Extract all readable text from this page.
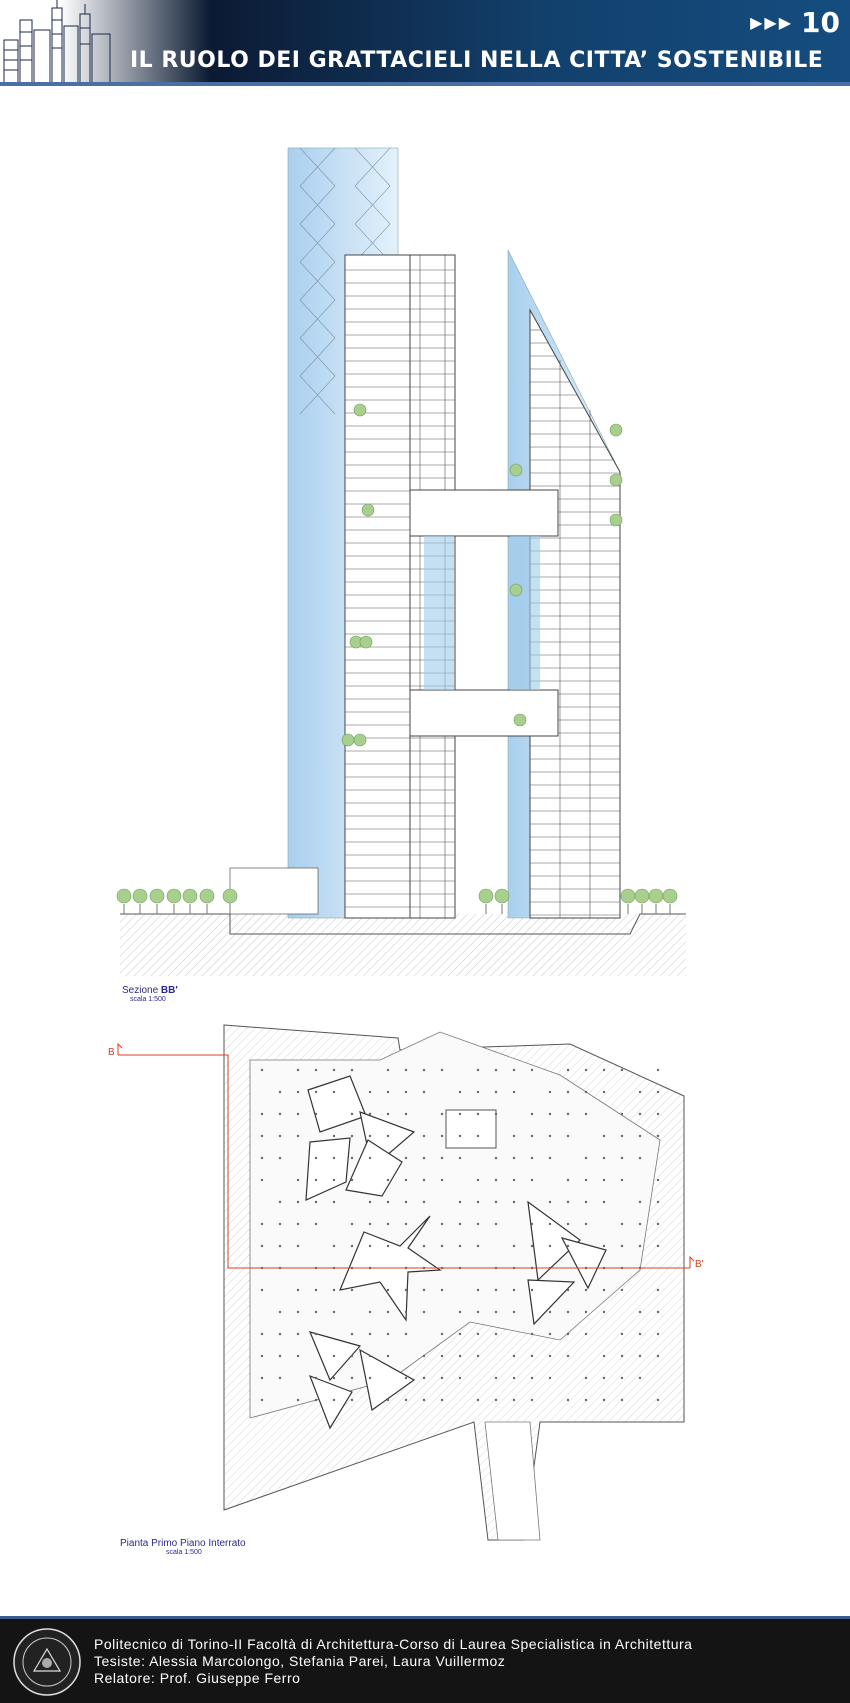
IL RUOLO DEI GRATTACIELI NELLA CITTA’ SOSTENIBILE
▶▶▶ 10
Sezione BB'
scala 1:500
B
B'
Pianta Primo Piano Interrato
scala 1:500
Politecnico di Torino-II Facoltà di Architettura-Corso di Laurea Specialistica in Architettura
Tesiste: Alessia Marcolongo, Stefania Parei, Laura Vuillermoz
Relatore: Prof. Giuseppe Ferro
